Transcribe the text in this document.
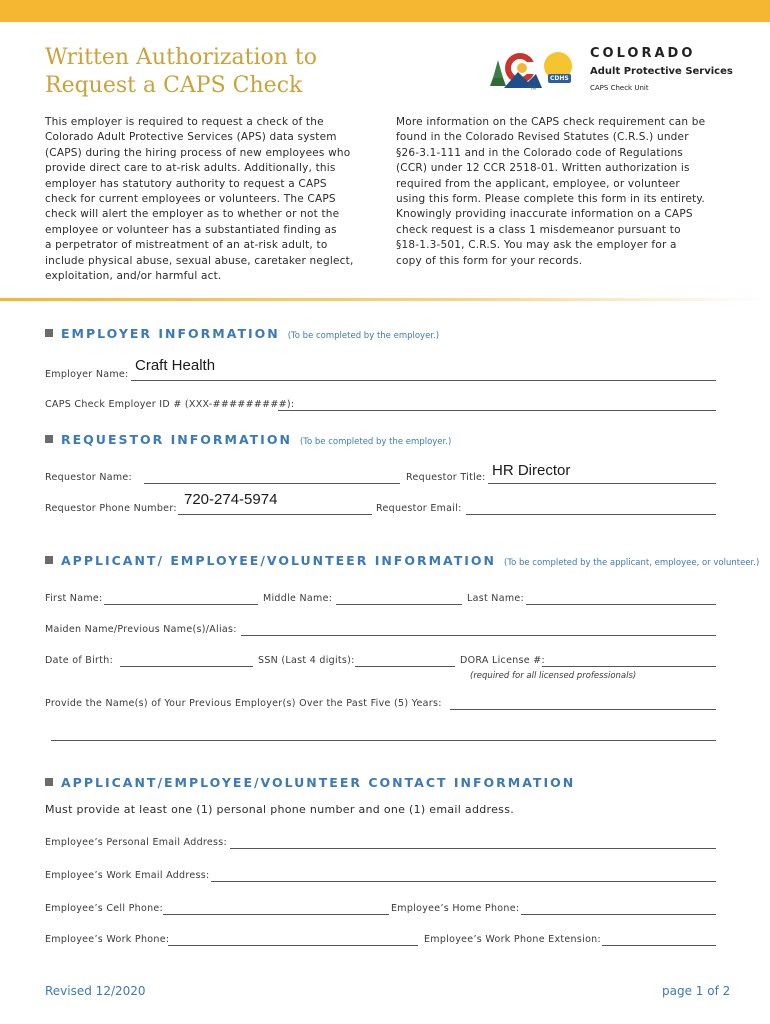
Written Authorization to
Request a CAPS Check	CDHS
TM
COLORADO
Adult Protective Services
CAPS Check Unit
This employer is required to request a check of the
Colorado Adult Protective Services (APS) data system
(CAPS) during the hiring process of new employees who
provide direct care to at-risk adults. Additionally, this
employer has statutory authority to request a CAPS
check for current employees or volunteers. The CAPS
check will alert the employer as to whether or not the
employee or volunteer has a substantiated finding as
a perpetrator of mistreatment of an at-risk adult, to
include physical abuse, sexual abuse, caretaker neglect,
exploitation, and/or harmful act.
More information on the CAPS check requirement can be
found in the Colorado Revised Statutes (C.R.S.) under
§26-3.1-111 and in the Colorado code of Regulations
(CCR) under 12 CCR 2518-01. Written authorization is
required from the applicant, employee, or volunteer
using this form. Please complete this form in its entirety.
Knowingly providing inaccurate information on a CAPS
check request is a class 1 misdemeanor pursuant to
§18-1.3-501, C.R.S. You may ask the employer for a
copy of this form for your records.
EMPLOYER INFORMATION (To be completed by the employer.)
Employer Name:
Craft Health
CAPS Check Employer ID # (XXX-#########):
REQUESTOR INFORMATION (To be completed by the employer.)
Requestor Name:	Requestor Title: HR Director
Requestor Phone Number:
720-274-5974
Requestor Email:
APPLICANT/ EMPLOYEE/VOLUNTEER INFORMATION (To be completed by the applicant, employee, or volunteer.)
First Name:	Middle Name:	Last Name:
Maiden Name/Previous Name(s)/Alias:
Date of Birth:	SSN (Last 4 digits):	DORA License #:
(required for all licensed professionals)
Provide the Name(s) of Your Previous Employer(s) Over the Past Five (5) Years:
APPLICANT/EMPLOYEE/VOLUNTEER CONTACT INFORMATION
Must provide at least one (1) personal phone number and one (1) email address.
Employee’s Personal Email Address:
Employee’s Work Email Address:
Employee’s Cell Phone:	Employee’s Home Phone:
Employee’s Work Phone:	Employee’s Work Phone Extension:
Revised 12/2020	page 1 of 2
